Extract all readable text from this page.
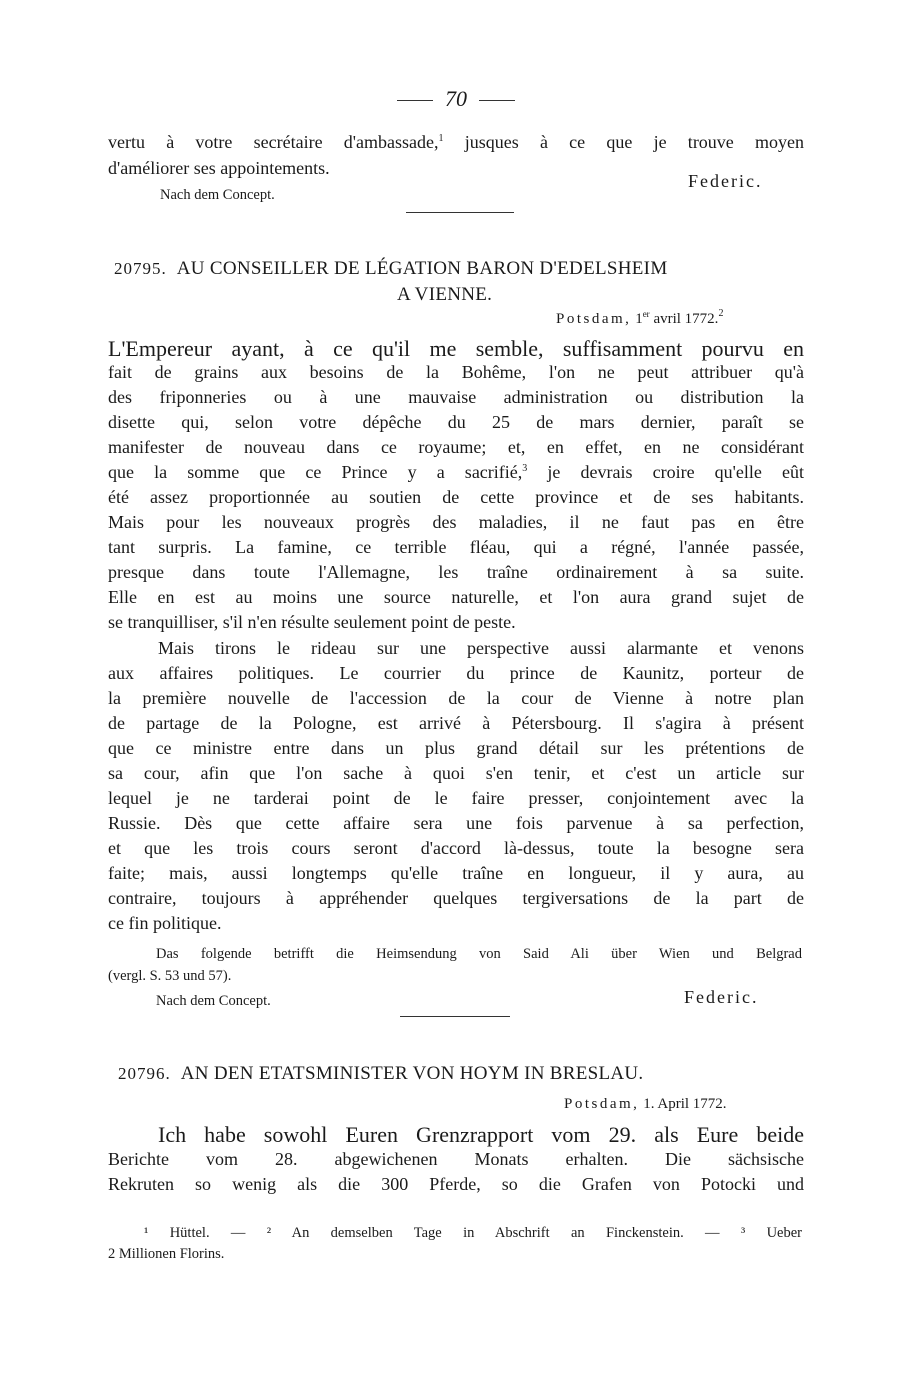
70
vertu à votre secrétaire d'ambassade,$^1$ jusques à ce que je trouve moyen
d'améliorer ses appointements.
Federic.
Nach dem Concept.
20795. AU CONSEILLER DE LÉGATION BARON D'EDELSHEIM
A VIENNE.
Potsdam, 1er avril 1772.$^2$
L'Empereur ayant, à ce qu'il me semble, suffisamment pourvu en
fait de grains aux besoins de la Bohême, l'on ne peut attribuer qu'à
des friponneries ou à une mauvaise administration ou distribution la
disette qui, selon votre dépêche du 25 de mars dernier, paraît se
manifester de nouveau dans ce royaume; et, en effet, en ne considérant
que la somme que ce Prince y a sacrifié,$^3$ je devrais croire qu'elle eût
été assez proportionnée au soutien de cette province et de ses habitants.
Mais pour les nouveaux progrès des maladies, il ne faut pas en être
tant surpris. La famine, ce terrible fléau, qui a régné, l'année passée,
presque dans toute l'Allemagne, les traîne ordinairement à sa suite.
Elle en est au moins une source naturelle, et l'on aura grand sujet de
se tranquilliser, s'il n'en résulte seulement point de peste.
Mais tirons le rideau sur une perspective aussi alarmante et venons
aux affaires politiques. Le courrier du prince de Kaunitz, porteur de
la première nouvelle de l'accession de la cour de Vienne à notre plan
de partage de la Pologne, est arrivé à Pétersbourg. Il s'agira à présent
que ce ministre entre dans un plus grand détail sur les prétentions de
sa cour, afin que l'on sache à quoi s'en tenir, et c'est un article sur
lequel je ne tarderai point de le faire presser, conjointement avec la
Russie. Dès que cette affaire sera une fois parvenue à sa perfection,
et que les trois cours seront d'accord là-dessus, toute la besogne sera
faite; mais, aussi longtemps qu'elle traîne en longueur, il y aura, au
contraire, toujours à appréhender quelques tergiversations de la part de
ce fin politique.
Das folgende betrifft die Heimsendung von Said Ali über Wien und Belgrad
(vergl. S. 53 und 57).
Nach dem Concept.	Federic.
20796. AN DEN ETATSMINISTER VON HOYM IN BRESLAU.
Potsdam, 1. April 1772.
Ich habe sowohl Euren Grenzrapport vom 29. als Eure beide
Berichte vom 28. abgewichenen Monats erhalten. Die sächsische
Rekruten so wenig als die 300 Pferde, so die Grafen von Potocki und
¹ Hüttel. — ² An demselben Tage in Abschrift an Finckenstein. — ³ Ueber
2 Millionen Florins.
